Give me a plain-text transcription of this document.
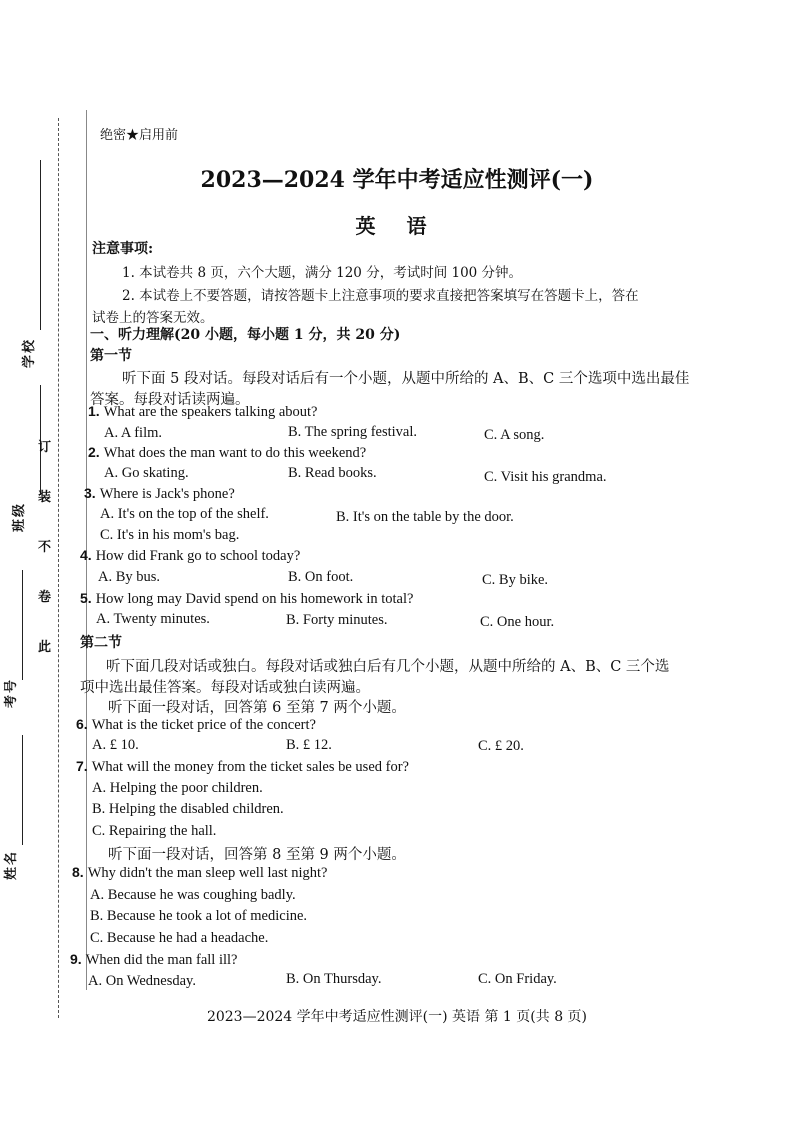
学校
班级
考号
姓名
此
卷
不
装
订
绝密★启用前
2023—2024 学年中考适应性测评(一)
英 语
注意事项:
1. 本试卷共 8 页，六个大题，满分 120 分，考试时间 100 分钟。
2. 本试卷上不要答题，请按答题卡上注意事项的要求直接把答案填写在答题卡上，答在
试卷上的答案无效。
一、听力理解(20 小题，每小题 1 分，共 20 分)
第一节
听下面 5 段对话。每段对话后有一个小题，从题中所给的 A、B、C 三个选项中选出最佳
答案。每段对话读两遍。
1. What are the speakers talking about?
A. A film.	B. The spring festival.	C. A song.
2. What does the man want to do this weekend?
A. Go skating.	B. Read books.	C. Visit his grandma.
3. Where is Jack's phone?
A. It's on the top of the shelf.	B. It's on the table by the door.
C. It's in his mom's bag.
4. How did Frank go to school today?
A. By bus.	B. On foot.	C. By bike.
5. How long may David spend on his homework in total?
A. Twenty minutes.	B. Forty minutes.	C. One hour.
第二节
听下面几段对话或独白。每段对话或独白后有几个小题，从题中所给的 A、B、C 三个选
项中选出最佳答案。每段对话或独白读两遍。
听下面一段对话，回答第 6 至第 7 两个小题。
6. What is the ticket price of the concert?
A. £ 10.	B. £ 12.	C. £ 20.
7. What will the money from the ticket sales be used for?
A. Helping the poor children.
B. Helping the disabled children.
C. Repairing the hall.
听下面一段对话，回答第 8 至第 9 两个小题。
8. Why didn't the man sleep well last night?
A. Because he was coughing badly.
B. Because he took a lot of medicine.
C. Because he had a headache.
9. When did the man fall ill?
A. On Wednesday.	B. On Thursday.	C. On Friday.
2023—2024 学年中考适应性测评(一) 英语 第 1 页(共 8 页)
